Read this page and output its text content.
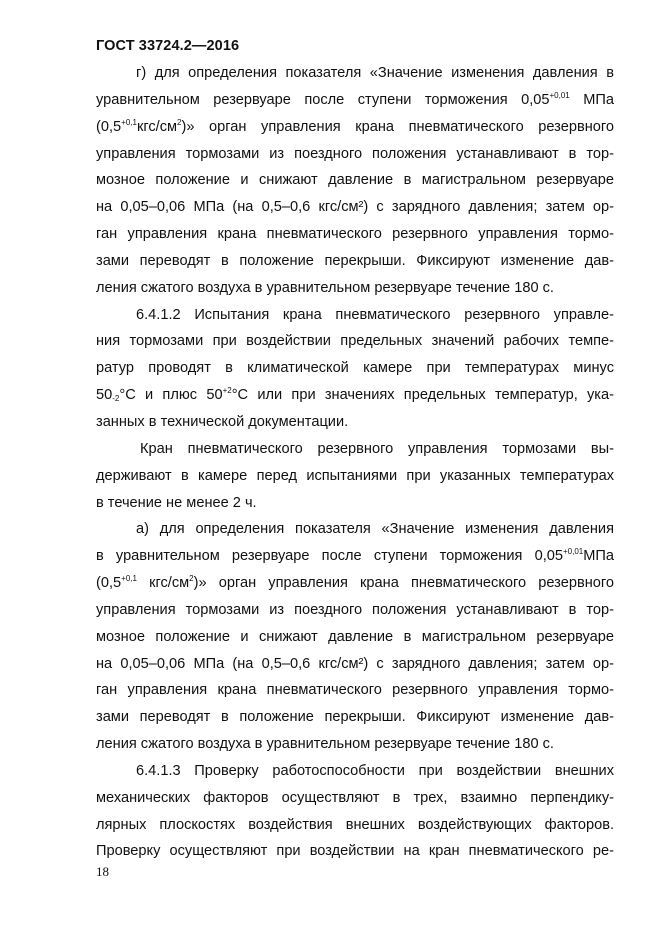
ГОСТ 33724.2—2016
г) для определения показателя «Значение изменения давления в
уравнительном резервуаре после ступени торможения $0,05^{+0,01}$ МПа
$(0,5^{+0,1}кгс/см^2)$» орган управления крана пневматического резервного
управления тормозами из поездного положения устанавливают в тор-
мозное положение и снижают давление в магистральном резервуаре
на 0,05–0,06 МПа (на 0,5–0,6 кгс/см²) с зарядного давления; затем ор-
ган управления крана пневматического резервного управления тормо-
зами переводят в положение перекрыши. Фиксируют изменение дав-
ления сжатого воздуха в уравнительном резервуаре течение 180 с.
6.4.1.2 Испытания крана пневматического резервного управле-
ния тормозами при воздействии предельных значений рабочих темпе-
ратур проводят в климатической камере при температурах минус
$50_{-2}^\circ С$ и плюс $50^{+2}^\circ С$ или при значениях предельных температур, ука-
занных в технической документации.
Кран пневматического резервного управления тормозами вы-
держивают в камере перед испытаниями при указанных температурах
в течение не менее 2 ч.
а) для определения показателя «Значение изменения давления
в уравнительном резервуаре после ступени торможения $0,05^{+0,01}МПа$
($0,5^{+0,1}$ кгс/$см^2$)» орган управления крана пневматического резервного
управления тормозами из поездного положения устанавливают в тор-
мозное положение и снижают давление в магистральном резервуаре
на 0,05–0,06 МПа (на 0,5–0,6 кгс/см²) с зарядного давления; затем ор-
ган управления крана пневматического резервного управления тормо-
зами переводят в положение перекрыши. Фиксируют изменение дав-
ления сжатого воздуха в уравнительном резервуаре течение 180 с.
6.4.1.3 Проверку работоспособности при воздействии внешних
механических факторов осуществляют в трех, взаимно перпендику-
лярных плоскостях воздействия внешних воздействующих факторов.
Проверку осуществляют при воздействии на кран пневматического ре-
18
